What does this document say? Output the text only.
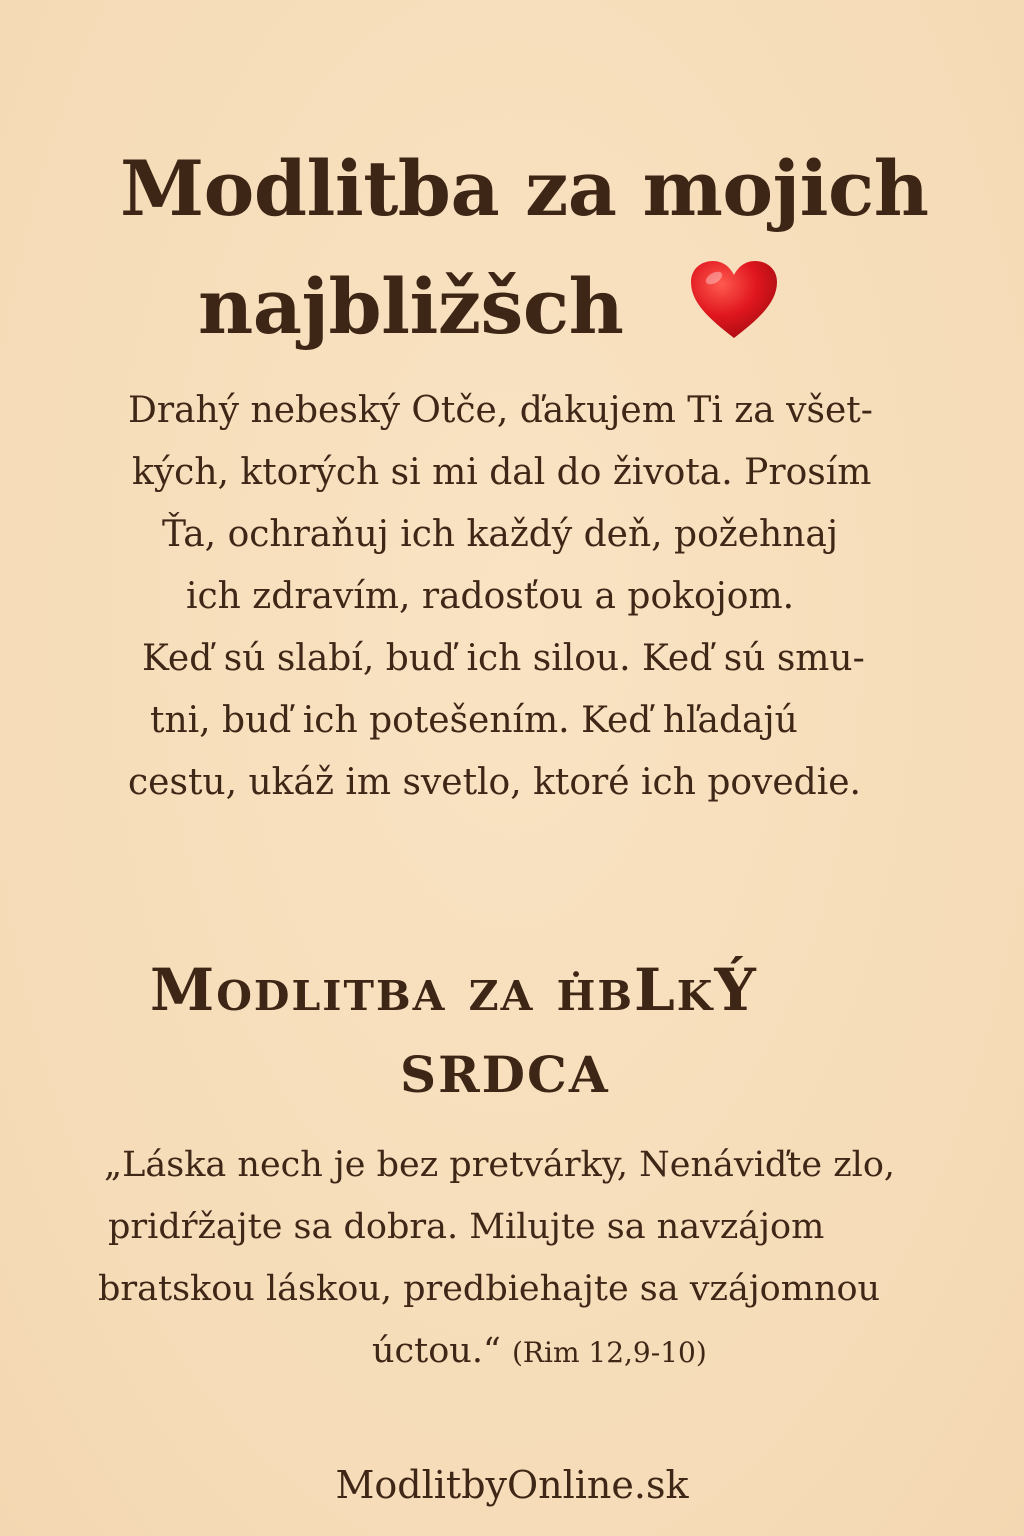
Modlitba za mojich
najbližšch
Drahý nebeský Otče, ďakujem Ti za všet-
kých, ktorých si mi dal do života. Prosím
Ťa, ochraňuj ich každý deň, požehnaj
ich zdravím, radosťou a pokojom.
Keď sú slabí, buď ich silou. Keď sú smu-
tni, buď ich potešením. Keď hľadajú
cestu, ukáž im svetlo, ktoré ich povedie.
Modlitba za ḣbLkÝ
SRDCA
„Láska nech je bez pretvárky, Nenáviďte zlo,
pridŕžajte sa dobra. Milujte sa navzájom
bratskou láskou, predbiehajte sa vzájomnou
úctou.“ (Rim 12,9-10)
ModlitbyOnline.sk
